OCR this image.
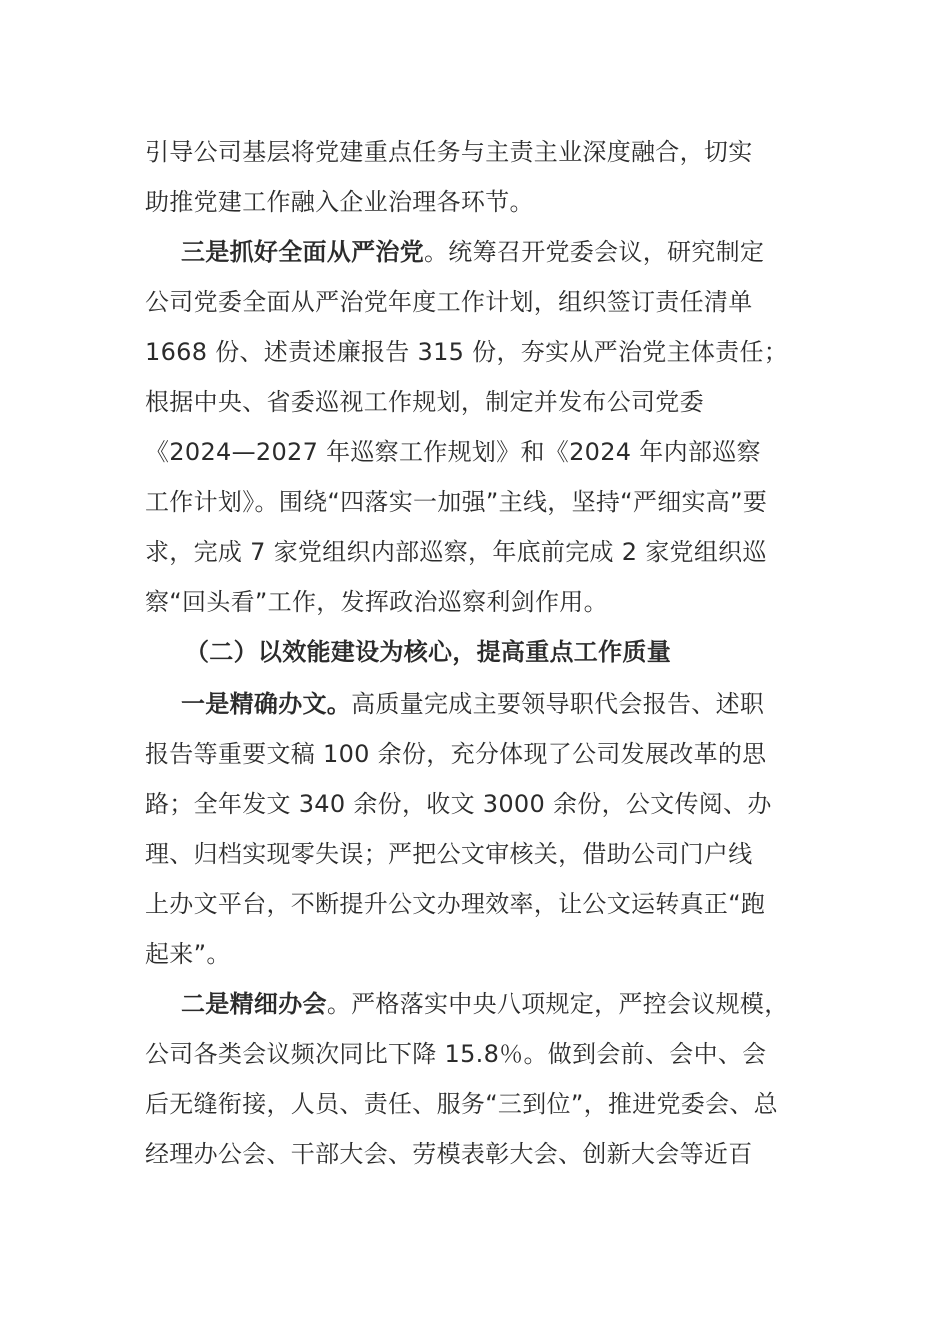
引导公司基层将党建重点任务与主责主业深度融合，切实
助推党建工作融入企业治理各环节。
三是抓好全面从严治党。统筹召开党委会议，研究制定
公司党委全面从严治党年度工作计划，组织签订责任清单
1668 份、述责述廉报告 315 份，夯实从严治党主体责任；
根据中央、省委巡视工作规划，制定并发布公司党委
《2024—2027 年巡察工作规划》和《2024 年内部巡察
工作计划》。围绕“四落实一加强”主线，坚持“严细实高”要
求，完成 7 家党组织内部巡察，年底前完成 2 家党组织巡
察“回头看”工作，发挥政治巡察利剑作用。
（二）以效能建设为核心，提高重点工作质量
一是精确办文。高质量完成主要领导职代会报告、述职
报告等重要文稿 100 余份，充分体现了公司发展改革的思
路；全年发文 340 余份，收文 3000 余份，公文传阅、办
理、归档实现零失误；严把公文审核关，借助公司门户线
上办文平台，不断提升公文办理效率，让公文运转真正“跑
起来”。
二是精细办会。严格落实中央八项规定，严控会议规模，
公司各类会议频次同比下降 15.8％。做到会前、会中、会
后无缝衔接，人员、责任、服务“三到位”，推进党委会、总
经理办公会、干部大会、劳模表彰大会、创新大会等近百
